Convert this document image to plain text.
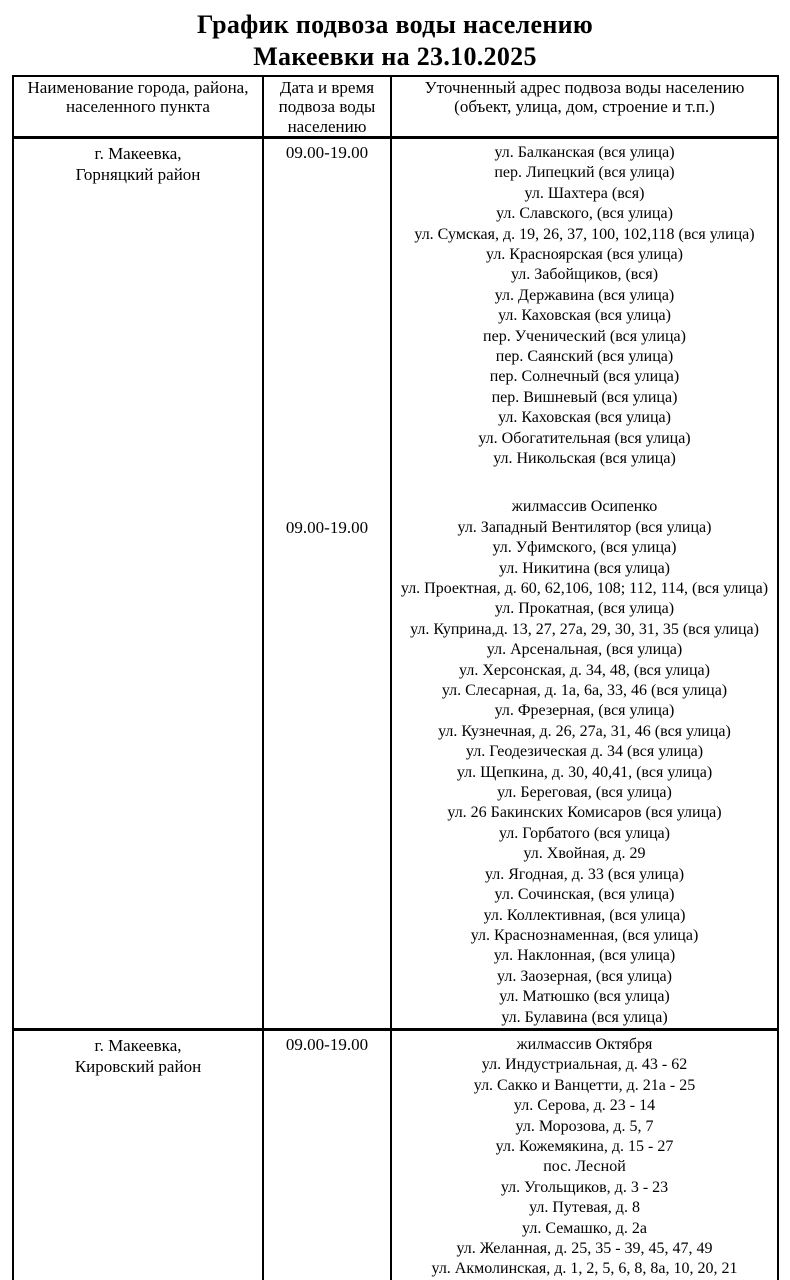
График подвоза воды населению
Макеевки на 23.10.2025
Наименование города, района, населенного пункта
Дата и время подвоза воды населению
Уточненный адрес подвоза воды населению (объект, улица, дом, строение и т.п.)
г. Макеевка,
Горняцкий район
09.00-19.00	ул. Балканская (вся улица)
пер. Липецкий (вся улица)
ул. Шахтера (вся)
ул. Славского, (вся улица)
ул. Сумская, д. 19, 26, 37, 100, 102,118 (вся улица)
ул. Красноярская (вся улица)
ул. Забойщиков, (вся)
ул. Державина (вся улица)
ул. Каховская (вся улица)
пер. Ученический (вся улица)
пер. Саянский (вся улица)
пер. Солнечный (вся улица)
пер. Вишневый (вся улица)
ул. Каховская (вся улица)
ул. Обогатительная (вся улица)
ул. Никольская (вся улица)
09.00-19.00
жилмассив Осипенко
ул. Западный Вентилятор (вся улица)
ул. Уфимского, (вся улица)
ул. Никитина (вся улица)
ул. Проектная, д. 60, 62,106, 108; 112, 114, (вся улица)
ул. Прокатная, (вся улица)
ул. Куприна,д. 13, 27, 27а, 29, 30, 31, 35 (вся улица)
ул. Арсенальная, (вся улица)
ул. Херсонская, д. 34, 48, (вся улица)
ул. Слесарная, д. 1а, 6а, 33, 46 (вся улица)
ул. Фрезерная, (вся улица)
ул. Кузнечная, д. 26, 27а, 31, 46 (вся улица)
ул. Геодезическая д. 34 (вся улица)
ул. Щепкина, д. 30, 40,41, (вся улица)
ул. Береговая, (вся улица)
ул. 26 Бакинских Комисаров (вся улица)
ул. Горбатого (вся улица)
ул. Хвойная, д. 29
ул. Ягодная, д. 33 (вся улица)
ул. Сочинская, (вся улица)
ул. Коллективная, (вся улица)
ул. Краснознаменная, (вся улица)
ул. Наклонная, (вся улица)
ул. Заозерная, (вся улица)
ул. Матюшко (вся улица)
ул. Булавина (вся улица)
г. Макеевка,
Кировский район
09.00-19.00	жилмассив Октября
ул. Индустриальная, д. 43 - 62
ул. Сакко и Ванцетти, д. 21а - 25
ул. Серова, д. 23 - 14
ул. Морозова, д. 5, 7
ул. Кожемякина, д. 15 - 27
пос. Лесной
ул. Угольщиков, д. 3 - 23
ул. Путевая, д. 8
ул. Семашко, д. 2а
ул. Желанная, д. 25, 35 - 39, 45, 47, 49
ул. Акмолинская, д. 1, 2, 5, 6, 8, 8а, 10, 20, 21
